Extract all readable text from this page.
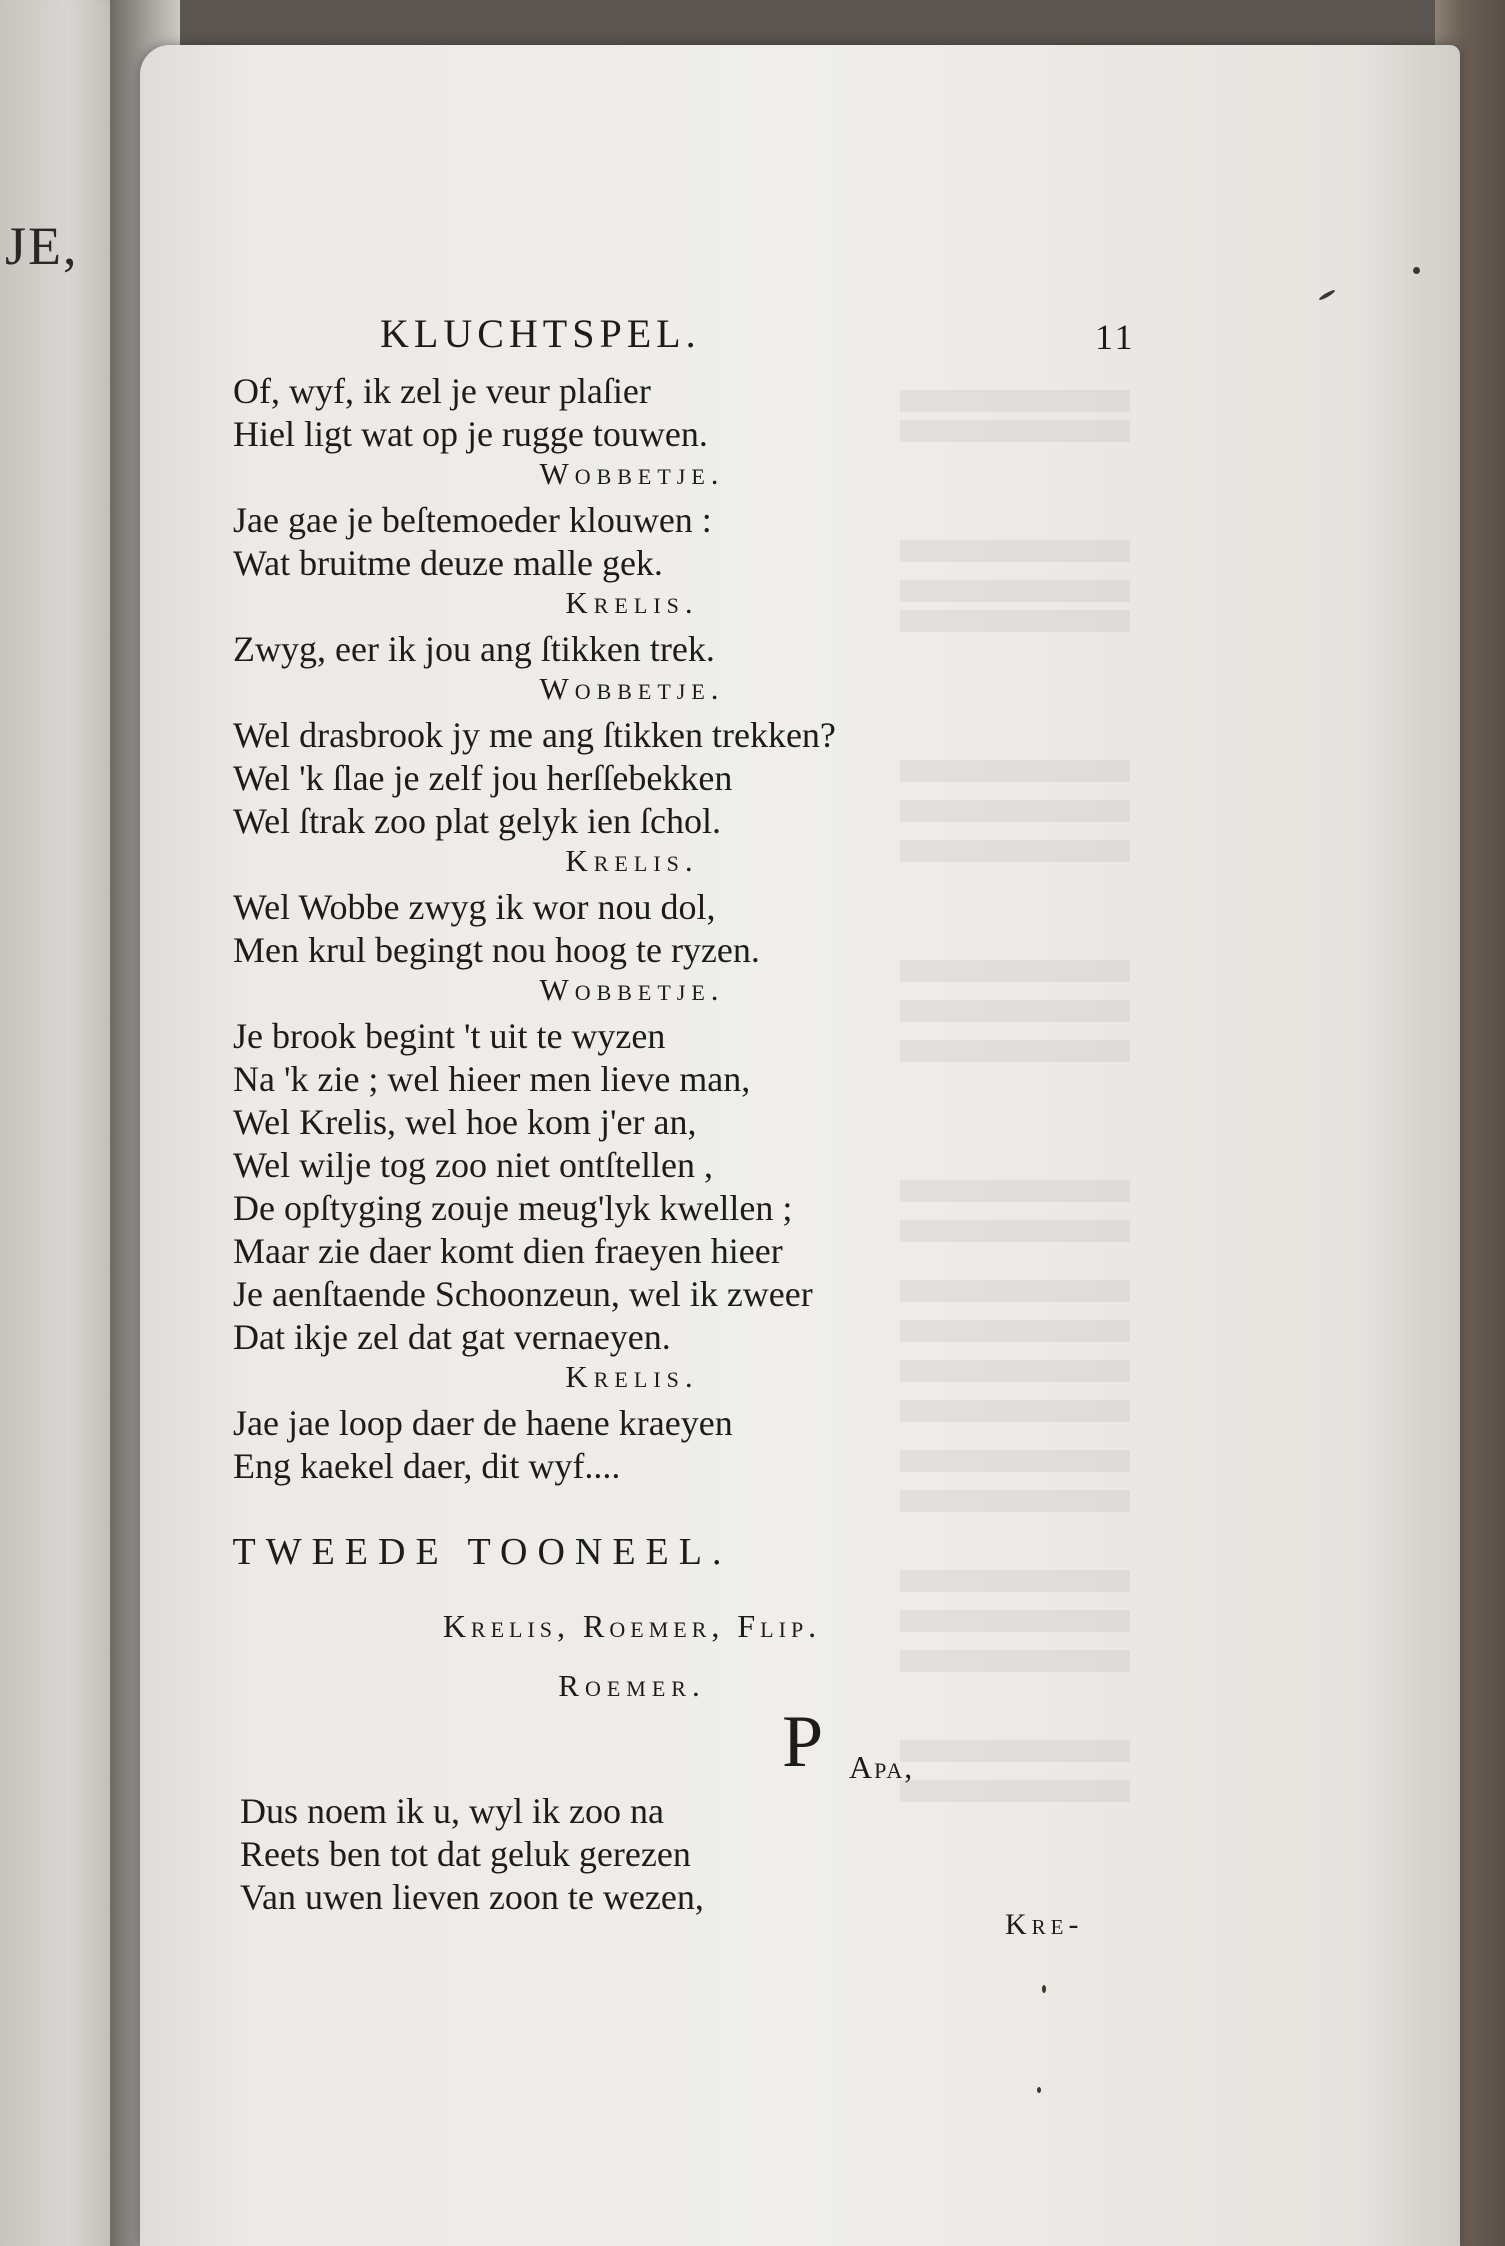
JE,
KLUCHTSPEL.	11
Of, wyf, ik zel je veur plaſier
Hiel ligt wat op je rugge touwen.
Wobbetje.
Jae gae je beſtemoeder klouwen :
Wat bruitme deuze malle gek.
Krelis.
Zwyg, eer ik jou ang ſtikken trek.
Wobbetje.
Wel drasbrook jy me ang ſtikken trekken?
Wel 'k ſlae je zelf jou herſſebekken
Wel ſtrak zoo plat gelyk ien ſchol.
Krelis.
Wel Wobbe zwyg ik wor nou dol,
Men krul begingt nou hoog te ryzen.
Wobbetje.
Je brook begint 't uit te wyzen
Na 'k zie ; wel hieer men lieve man,
Wel Krelis, wel hoe kom j'er an,
Wel wilje tog zoo niet ontſtellen ,
De opſtyging zouje meug'lyk kwellen ;
Maar zie daer komt dien fraeyen hieer
Je aenſtaende Schoonzeun, wel ik zweer
Dat ikje zel dat gat vernaeyen.
Krelis.
Jae jae loop daer de haene kraeyen
Eng kaekel daer, dit wyf....
TWEEDE TOONEEL.
Krelis, Roemer, Flip.
Roemer.
P Apa,
Dus noem ik u, wyl ik zoo na
Reets ben tot dat geluk gerezen
Van uwen lieven zoon te wezen,
Kre-
